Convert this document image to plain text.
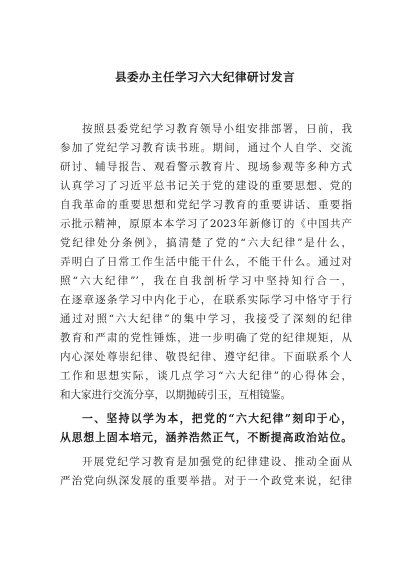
县委办主任学习六大纪律研讨发言
按照县委党纪学习教育领导小组安排部署，日前，我
参加了党纪学习教育读书班。期间，通过个人自学、交流
研讨、辅导报告、观看警示教育片、现场参观等多种方式
认真学习了习近平总书记关于党的建设的重要思想、党的
自我革命的重要思想和党纪学习教育的重要讲话、重要指
示批示精神，原原本本学习了2023年新修订的《中国共产
党纪律处分条例》，搞清楚了党的“六大纪律”是什么，
弄明白了日常工作生活中能干什么，不能干什么。通过对
照“六大纪律”’，我在自我剖析学习中坚持知行合一，
在逐章逐条学习中内化于心，在联系实际学习中恪守于行
通过对照“六大纪律”的集中学习，我接受了深刻的纪律
教育和严肃的党性锤炼，进一步明确了党的纪律规矩，从
内心深处尊崇纪律、敬畏纪律、遵守纪律。下面联系个人
工作和思想实际，谈几点学习“六大纪律”的心得体会，
和大家进行交流分享，以期抛砖引玉，互相镜鉴。
一、坚持以学为本，把党的“六大纪律”刻印于心，
从思想上固本培元，涵养浩然正气，不断提高政治站位。
开展党纪学习教育是加强党的纪律建设、推动全面从
严治党向纵深发展的重要举措。对于一个政党来说，纪律
